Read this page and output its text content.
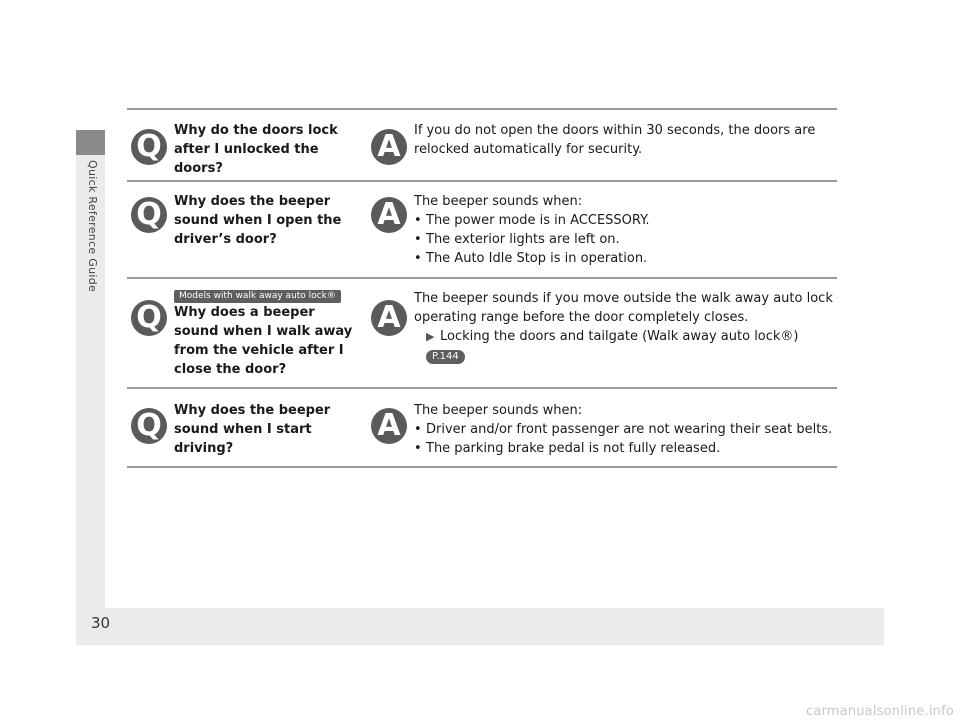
Quick Reference Guide
Q Why do the doors lock after I unlocked the doors?
A	If you do not open the doors within 30 seconds, the doors are relocked automatically for security.
Q Why does the beeper sound when I open the driver’s door?
A	The beeper sounds when:
• The power mode is in ACCESSORY.
• The exterior lights are left on.
• The Auto Idle Stop is in operation.
Models with walk away auto lock®
Q Why does a beeper sound when I walk away from the vehicle after I close the door?
A
The beeper sounds if you move outside the walk away auto lock operating range before the door completely closes.
▶ Locking the doors and tailgate (Walk away auto lock®)
P.144
Q Why does the beeper sound when I start driving?
A	The beeper sounds when:
• Driver and/or front passenger are not wearing their seat belts.
• The parking brake pedal is not fully released.
30
carmanualsonline.info
